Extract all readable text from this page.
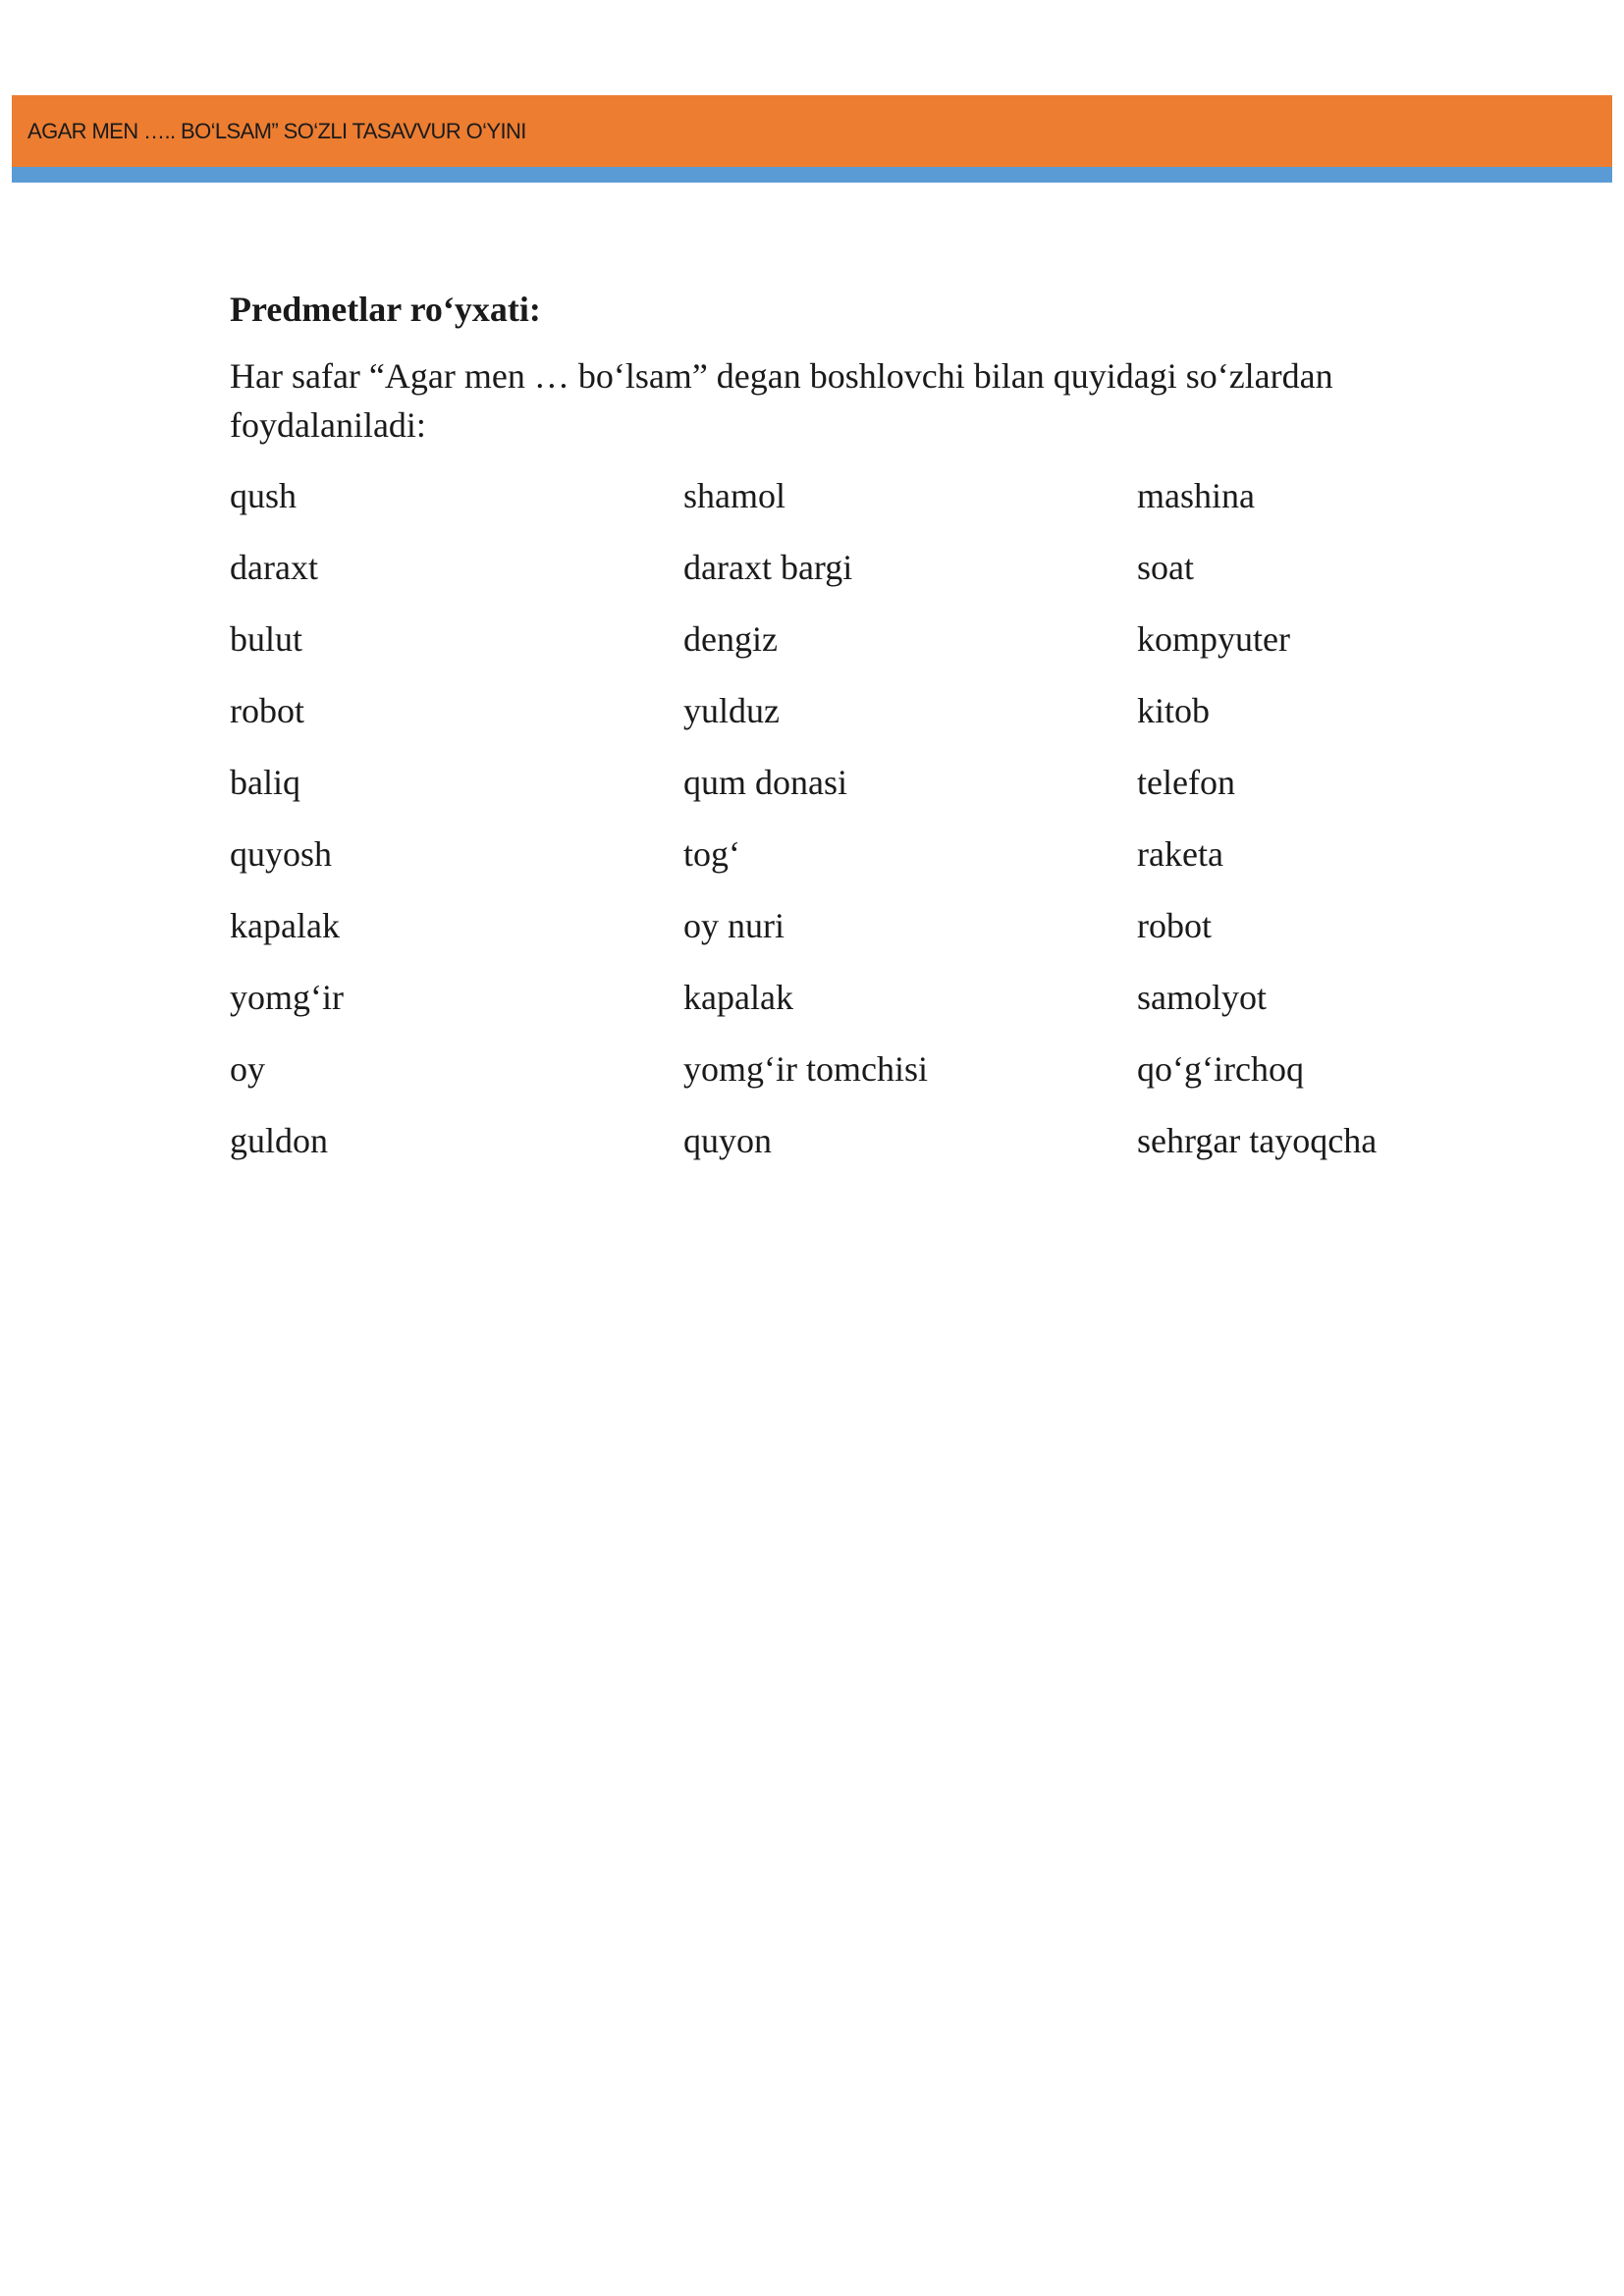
AGAR MEN ….. BO‘LSAM” SO‘ZLI TASAVVUR O‘YINI
Predmetlar ro‘yxati:

Har safar “Agar men … bo‘lsam” degan boshlovchi bilan quyidagi so‘zlardan foydalaniladi:

qush	shamol	mashina
daraxt	daraxt bargi	soat
bulut	dengiz	kompyuter
robot	yulduz	kitob
baliq	qum donasi	telefon
quyosh	tog‘	raketa
kapalak	oy nuri	robot
yomg‘ir	kapalak	samolyot
oy	yomg‘ir tomchisi	qo‘g‘irchoq
guldon	quyon	sehrgar tayoqcha
